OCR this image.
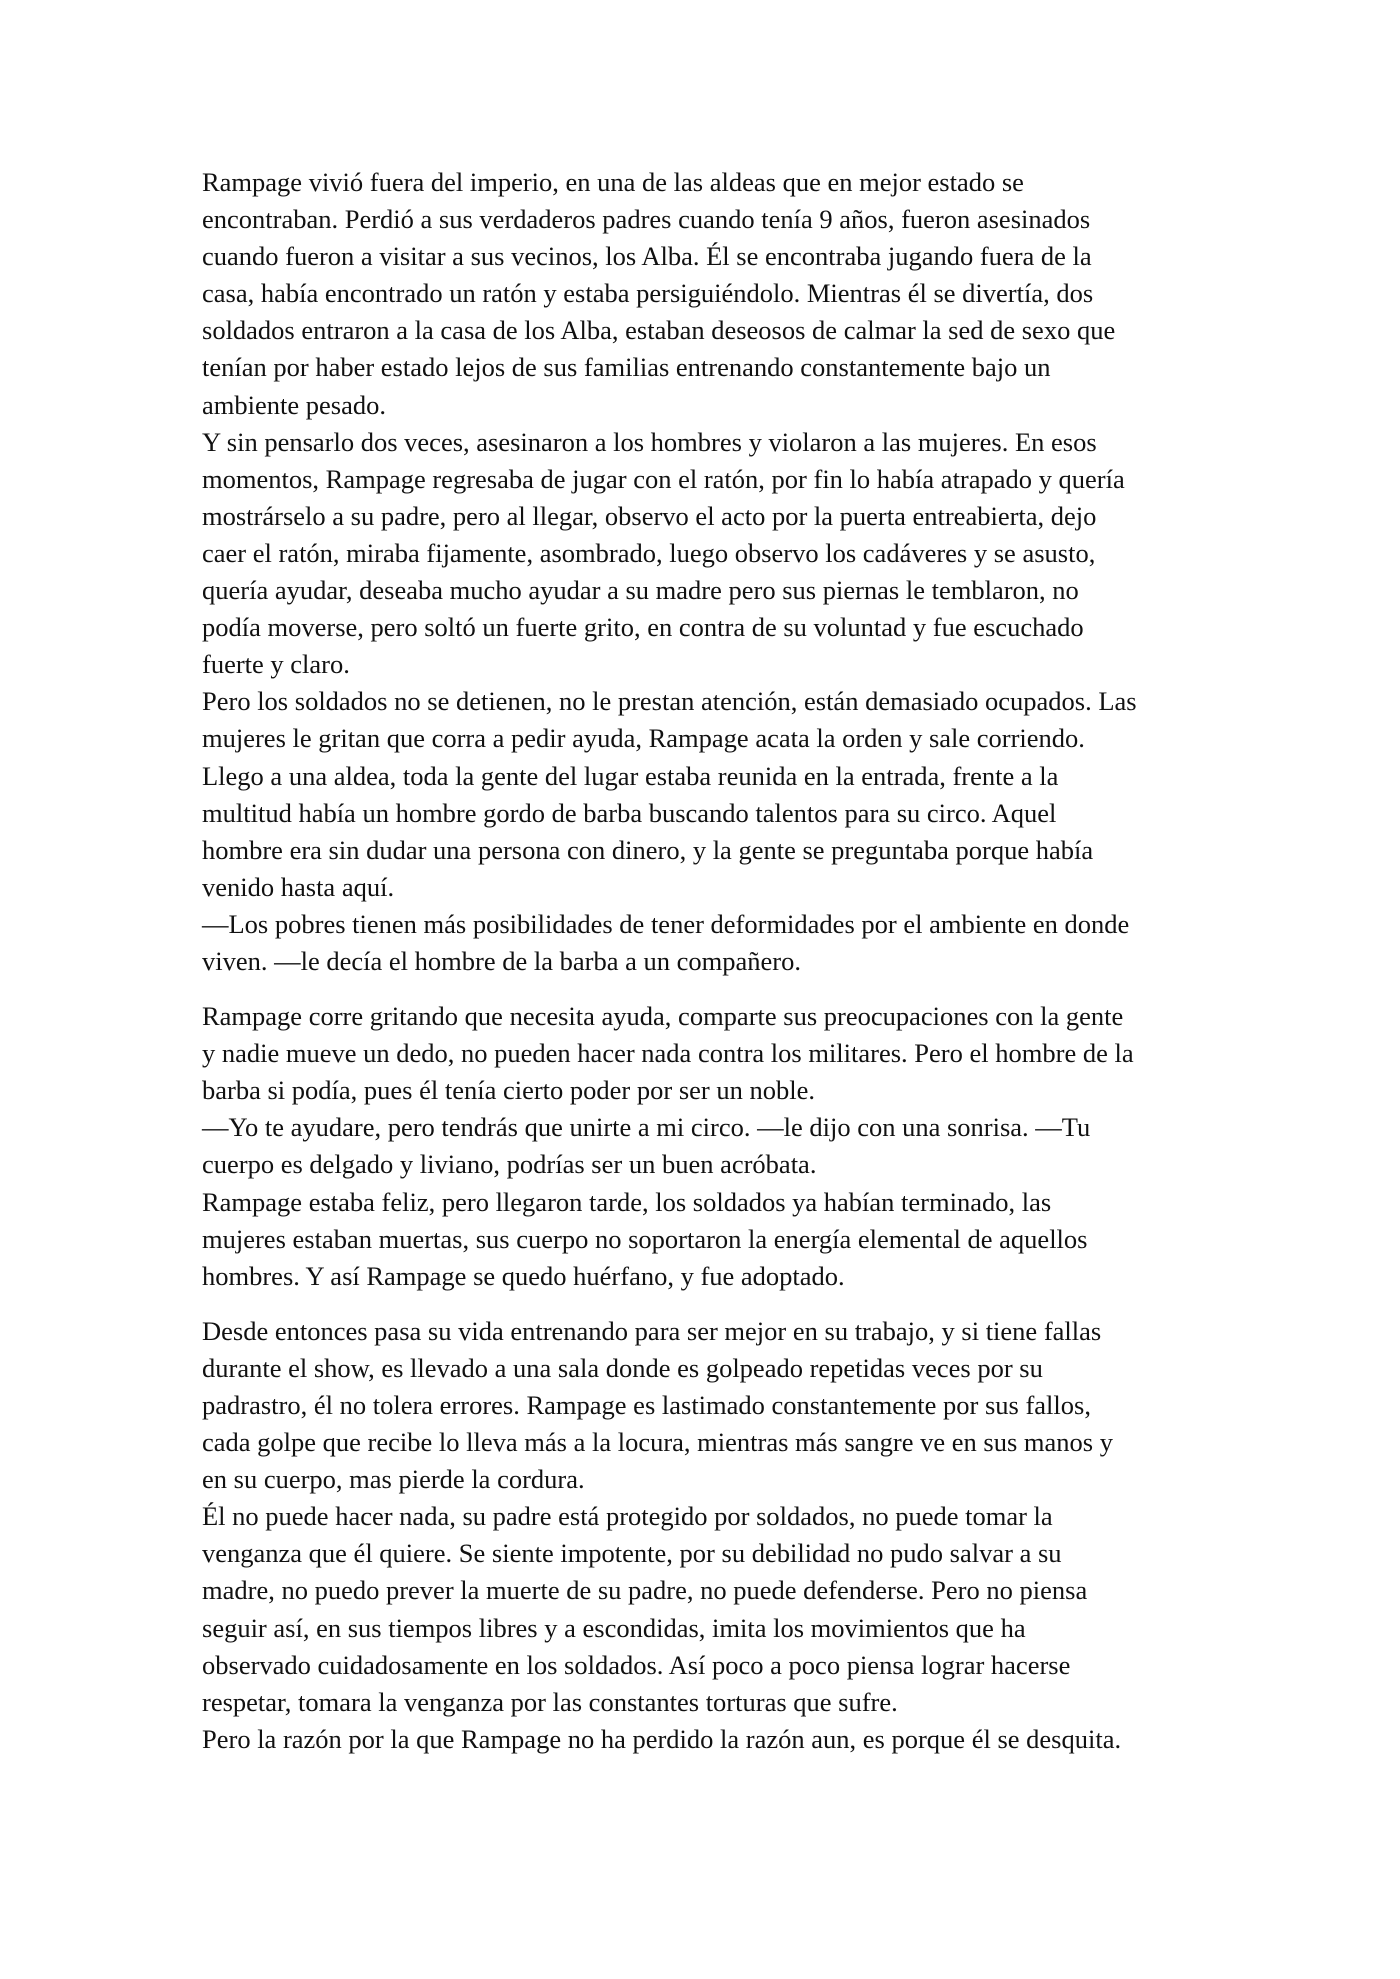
Rampage vivió fuera del imperio, en una de las aldeas que en mejor estado se
encontraban. Perdió a sus verdaderos padres cuando tenía 9 años, fueron asesinados
cuando fueron a visitar a sus vecinos, los Alba. Él se encontraba jugando fuera de la
casa, había encontrado un ratón y estaba persiguiéndolo. Mientras él se divertía, dos
soldados entraron a la casa de los Alba, estaban deseosos de calmar la sed de sexo que
tenían por haber estado lejos de sus familias entrenando constantemente bajo un
ambiente pesado.
Y sin pensarlo dos veces, asesinaron a los hombres y violaron a las mujeres. En esos
momentos, Rampage regresaba de jugar con el ratón, por fin lo había atrapado y quería
mostrárselo a su padre, pero al llegar, observo el acto por la puerta entreabierta, dejo
caer el ratón, miraba fijamente, asombrado, luego observo los cadáveres y se asusto,
quería ayudar, deseaba mucho ayudar a su madre pero sus piernas le temblaron, no
podía moverse, pero soltó un fuerte grito, en contra de su voluntad y fue escuchado
fuerte y claro.
Pero los soldados no se detienen, no le prestan atención, están demasiado ocupados. Las
mujeres le gritan que corra a pedir ayuda, Rampage acata la orden y sale corriendo.
Llego a una aldea, toda la gente del lugar estaba reunida en la entrada, frente a la
multitud había un hombre gordo de barba buscando talentos para su circo. Aquel
hombre era sin dudar una persona con dinero, y la gente se preguntaba porque había
venido hasta aquí.
—Los pobres tienen más posibilidades de tener deformidades por el ambiente en donde
viven. —le decía el hombre de la barba a un compañero.
Rampage corre gritando que necesita ayuda, comparte sus preocupaciones con la gente
y nadie mueve un dedo, no pueden hacer nada contra los militares. Pero el hombre de la
barba si podía, pues él tenía cierto poder por ser un noble.
—Yo te ayudare, pero tendrás que unirte a mi circo. —le dijo con una sonrisa. —Tu
cuerpo es delgado y liviano, podrías ser un buen acróbata.
Rampage estaba feliz, pero llegaron tarde, los soldados ya habían terminado, las
mujeres estaban muertas, sus cuerpo no soportaron la energía elemental de aquellos
hombres. Y así Rampage se quedo huérfano, y fue adoptado.
Desde entonces pasa su vida entrenando para ser mejor en su trabajo, y si tiene fallas
durante el show, es llevado a una sala donde es golpeado repetidas veces por su
padrastro, él no tolera errores. Rampage es lastimado constantemente por sus fallos,
cada golpe que recibe lo lleva más a la locura, mientras más sangre ve en sus manos y
en su cuerpo, mas pierde la cordura.
Él no puede hacer nada, su padre está protegido por soldados, no puede tomar la
venganza que él quiere. Se siente impotente, por su debilidad no pudo salvar a su
madre, no puedo prever la muerte de su padre, no puede defenderse. Pero no piensa
seguir así, en sus tiempos libres y a escondidas, imita los movimientos que ha
observado cuidadosamente en los soldados. Así poco a poco piensa lograr hacerse
respetar, tomara la venganza por las constantes torturas que sufre.
Pero la razón por la que Rampage no ha perdido la razón aun, es porque él se desquita.
